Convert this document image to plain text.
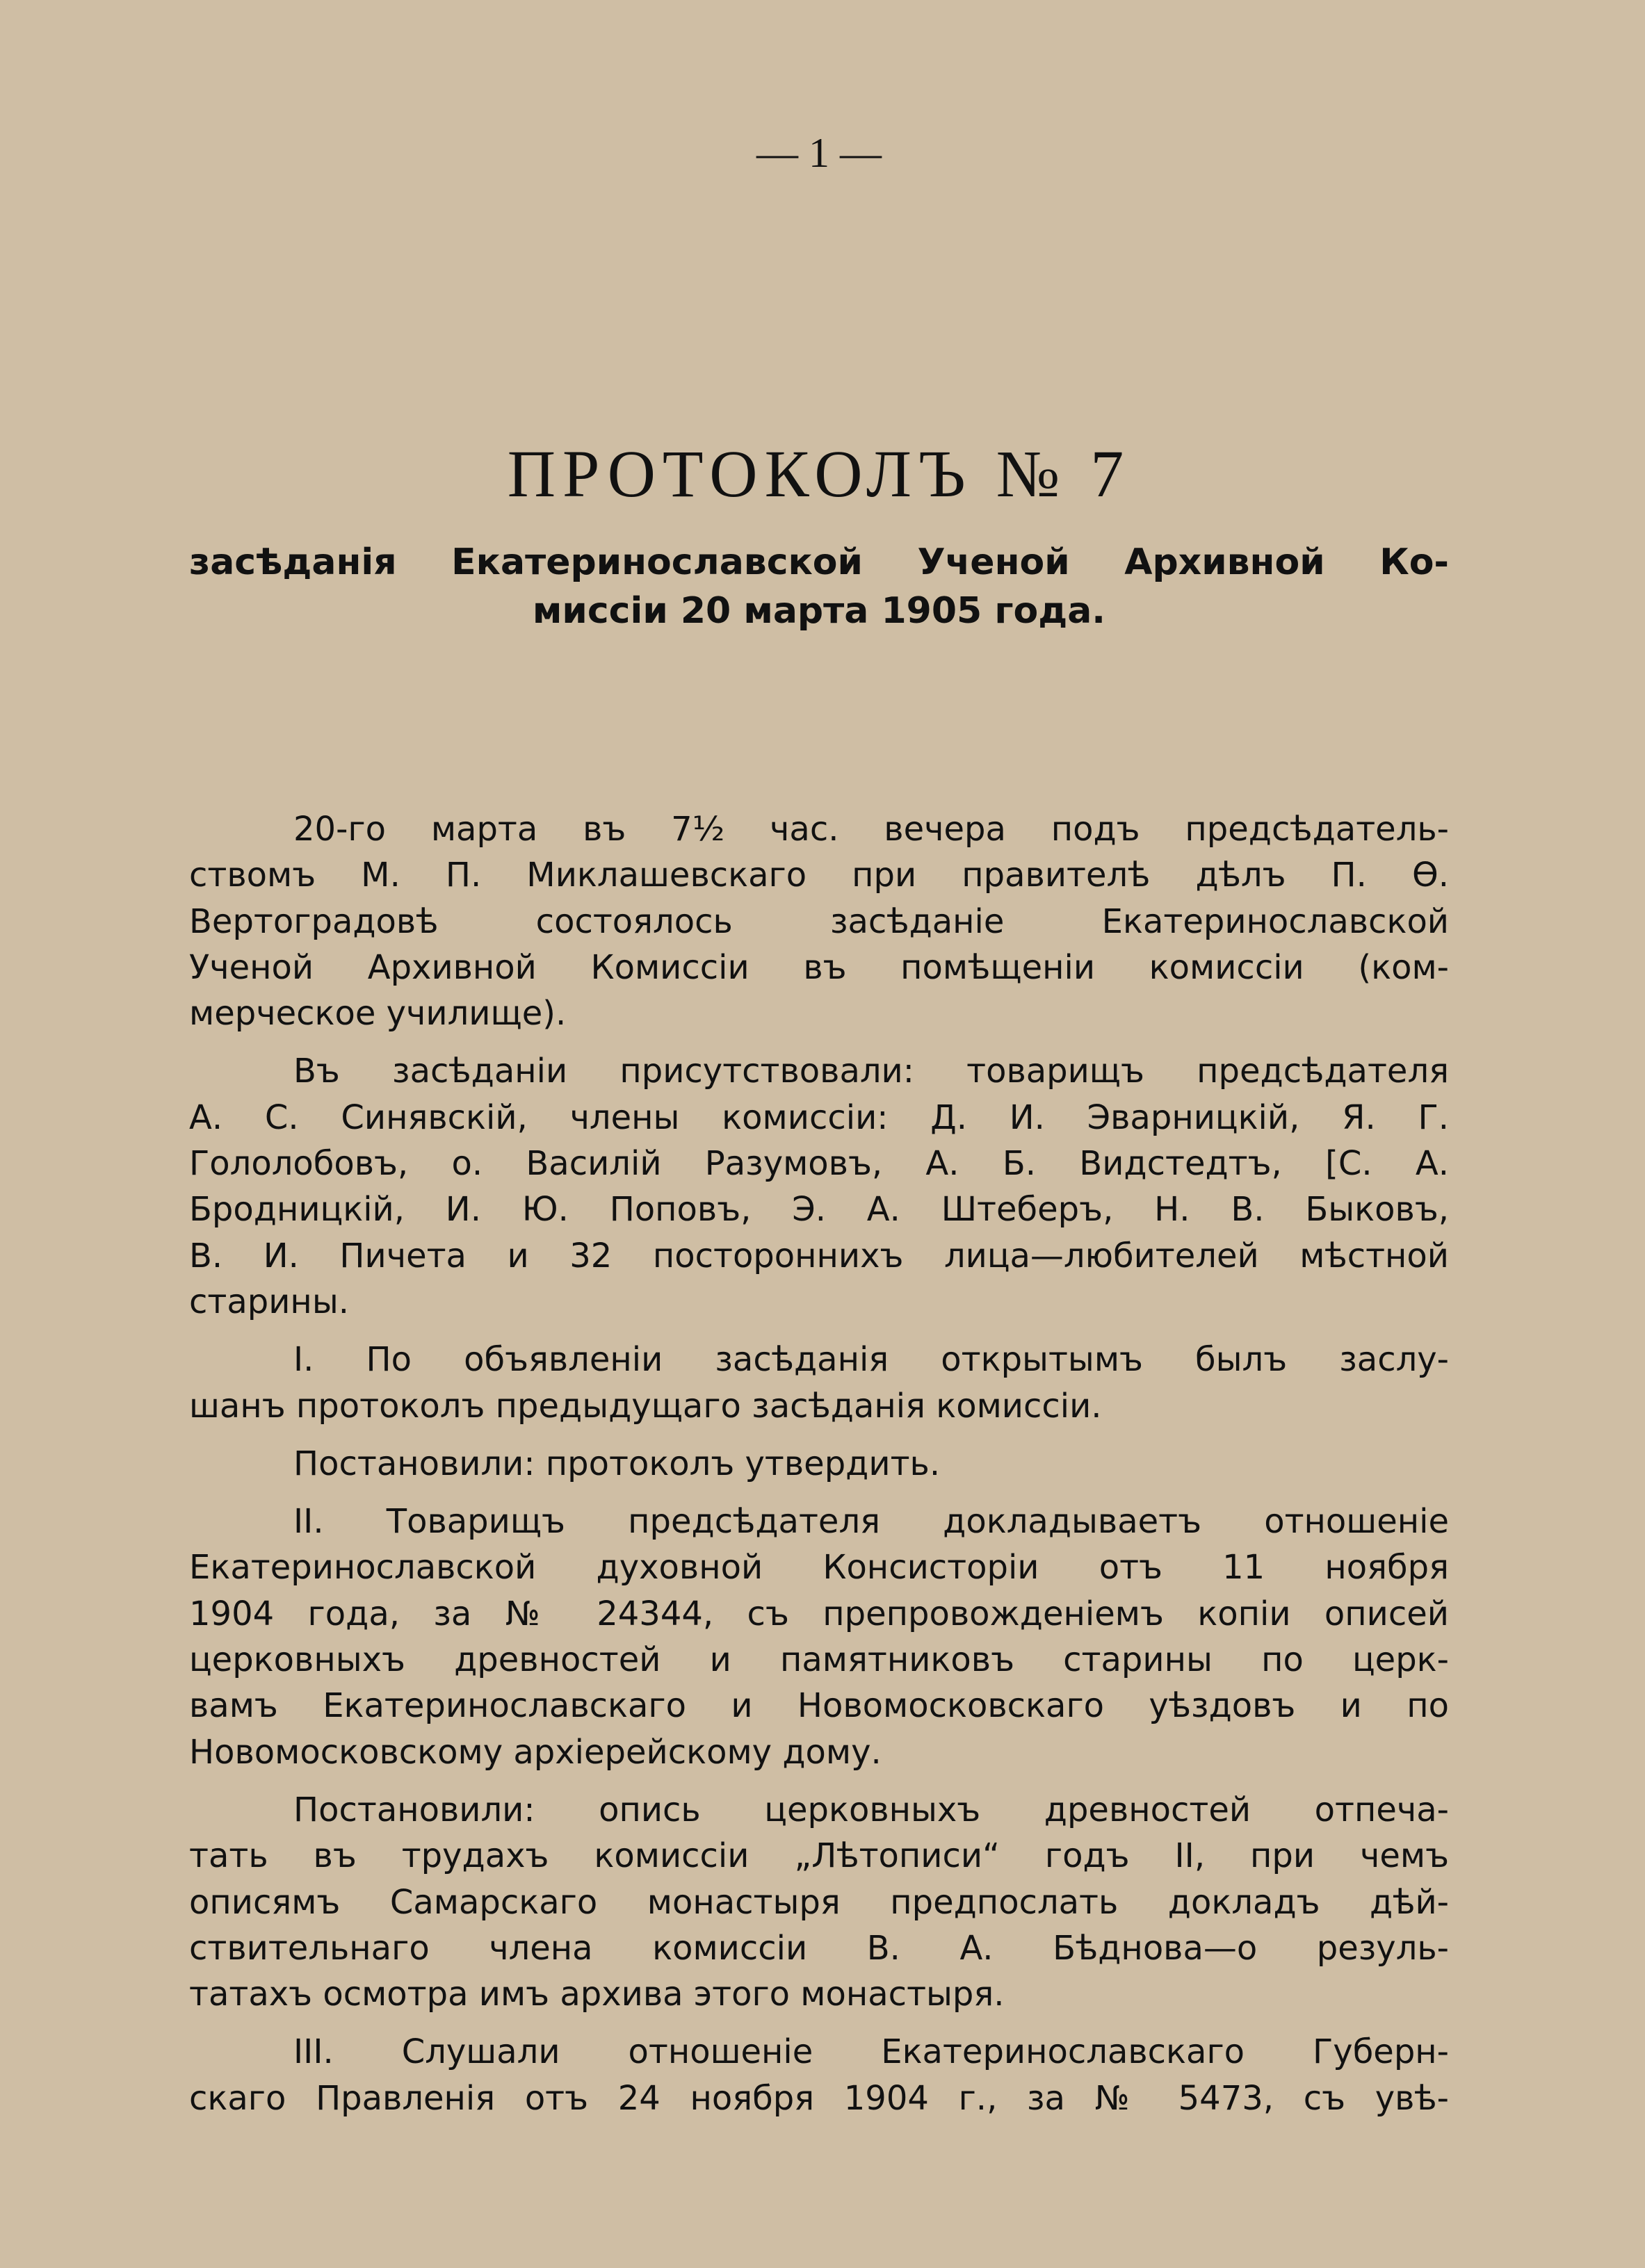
— 1 —
ПРОТОКОЛЪ № 7
засѣданія Екатеринославской Ученой Архивной Ко-
миссіи 20 марта 1905 года.
20-го марта въ 7½ час. вечера подъ предсѣдатель-
ствомъ М. П. Миклашевскаго при правителѣ дѣлъ П. Ѳ.
Вертоградовѣ состоялось засѣданіе Екатеринославской
Ученой Архивной Комиссіи въ помѣщеніи комиссіи (ком-
мерческое училище).
Въ засѣданіи присутствовали: товарищъ предсѣдателя
А. С. Синявскій, члены комиссіи: Д. И. Эварницкій, Я. Г.
Гололобовъ, о. Василій Разумовъ, А. Б. Видстедтъ, [С. А.
Бродницкій, И. Ю. Поповъ, Э. А. Штеберъ, Н. В. Быковъ,
В. И. Пичета и 32 постороннихъ лица—любителей мѣстной
старины.
I. По объявленіи засѣданія открытымъ былъ заслу-
шанъ протоколъ предыдущаго засѣданія комиссіи.
Постановили: протоколъ утвердить.
II. Товарищъ предсѣдателя докладываетъ отношеніе
Екатеринославской духовной Консисторіи отъ 11 ноября
1904 года, за № 24344, съ препровожденіемъ копіи описей
церковныхъ древностей и памятниковъ старины по церк-
вамъ Екатеринославскаго и Новомосковскаго уѣздовъ и по
Новомосковскому архіерейскому дому.
Постановили: опись церковныхъ древностей отпеча-
тать въ трудахъ комиссіи „Лѣтописи“ годъ II, при чемъ
описямъ Самарскаго монастыря предпослать докладъ дѣй-
ствительнаго члена комиссіи В. А. Бѣднова—о резуль-
татахъ осмотра имъ архива этого монастыря.
III. Слушали отношеніе Екатеринославскаго Губерн-
скаго Правленія отъ 24 ноября 1904 г., за № 5473, съ увѣ-
